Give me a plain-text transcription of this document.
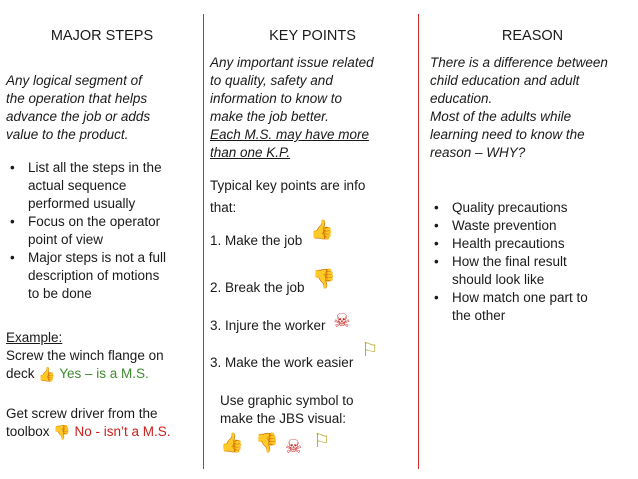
MAJOR STEPS
Any logical segment of
the operation that helps
advance the job or adds
value to the product.
• List all the steps in the
actual sequence
performed usually
• Focus on the operator
point of view
• Major steps is not a full
description of motions
to be done
Example:
Screw the winch flange on
deck 👍 Yes – is a M.S.
Get screw driver from the
toolbox 👎 No - isn’t a M.S.
KEY POINTS
Any important issue related
to quality, safety and
information to know to
make the job better.
Each M.S. may have more
than one K.P.
Typical key points are info
that:
1. Make the job 👍
2. Break the job 👎
3. Injure the worker ☠
3. Make the work easier ⚐
Use graphic symbol to
make the JBS visual:
👍 👎 ☠ ⚐
REASON
There is a difference between
child education and adult
education.
Most of the adults while
learning need to know the
reason – WHY?
• Quality precautions
• Waste prevention
• Health precautions
• How the final result
should look like
• How match one part to
the other
